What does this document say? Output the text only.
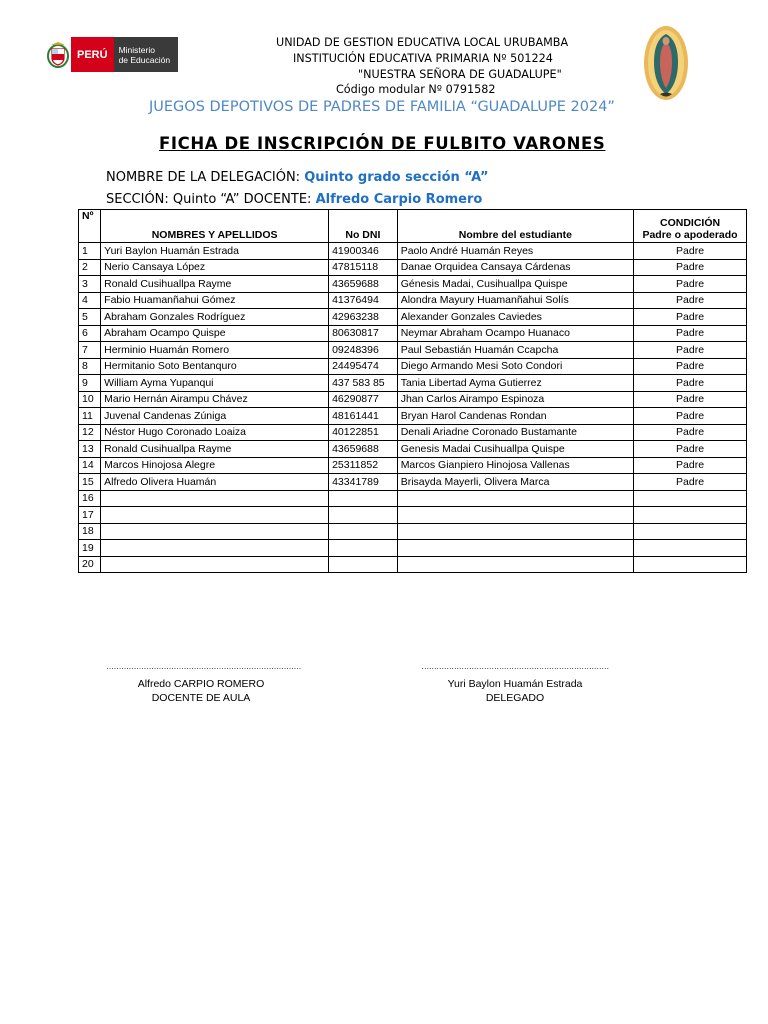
PERÚ	Ministerio
de Educación
UNIDAD DE GESTION EDUCATIVA LOCAL URUBAMBA
INSTITUCIÓN EDUCATIVA PRIMARIA Nº 501224
"NUESTRA SEÑORA DE GUADALUPE"
Código modular Nº 0791582
JUEGOS DEPOTIVOS DE PADRES DE FAMILIA “GUADALUPE 2024”
FICHA DE INSCRIPCIÓN DE FULBITO VARONES
NOMBRE DE LA DELEGACIÓN: Quinto grado sección “A”
SECCIÓN: Quinto “A” DOCENTE: Alfredo Carpio Romero
Nº	NOMBRES Y APELLIDOS	No DNI	Nombre del estudiante	CONDICIÓN
Padre o apoderado

1	Yuri Baylon Huamán Estrada	41900346	Paolo André Huamán Reyes	Padre
2	Nerio Cansaya López	47815118	Danae Orquidea Cansaya Cárdenas	Padre
3	Ronald Cusihuallpa Rayme	43659688	Génesis Madai, Cusihuallpa Quispe	Padre
4	Fabio Huamanñahui Gómez	41376494	Alondra Mayury Huamanñahui Solís	Padre
5	Abraham Gonzales Rodríguez	42963238	Alexander Gonzales Caviedes	Padre
6	Abraham Ocampo Quispe	80630817	Neymar Abraham Ocampo Huanaco	Padre
7	Herminio Huamán Romero	09248396	Paul Sebastián Huamán Ccapcha	Padre
8	Hermitanio Soto Bentanquro	24495474	Diego Armando Mesi Soto Condori	Padre
9	William Ayma Yupanqui	437 583 85	Tania Libertad Ayma Gutierrez	Padre
10	Mario Hernán Airampu Chávez	46290877	Jhan Carlos Airampo Espinoza	Padre
11	Juvenal Candenas Zúniga	48161441	Bryan Harol Candenas Rondan	Padre
12	Néstor Hugo Coronado Loaiza	40122851	Denali Ariadne Coronado Bustamante	Padre
13	Ronald Cusihuallpa Rayme	43659688	Genesis Madai Cusihuallpa Quispe	Padre
14	Marcos Hinojosa Alegre	25311852	Marcos Gianpiero Hinojosa Vallenas	Padre
15	Alfredo Olivera Huamán	43341789	Brisayda Mayerli, Olivera Marca	Padre
16				
17				
18				
19				
20				
……………………………………………………………………
Alfredo CARPIO ROMERO
DOCENTE DE AULA
…………………………………………………………………
Yuri Baylon Huamán Estrada
DELEGADO
